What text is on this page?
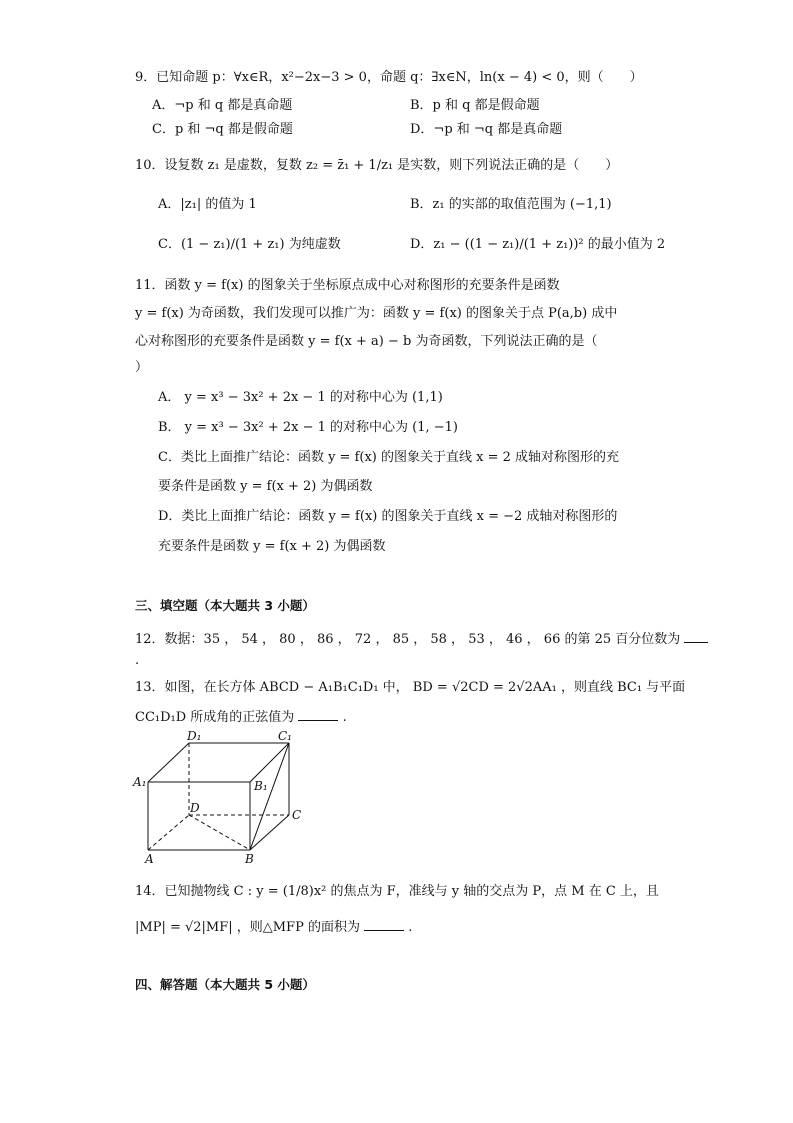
9．已知命题 p：∀x∈R，x²−2x−3 > 0，命题 q：∃x∈N，ln(x − 4) < 0，则（　　）
A．¬p 和 q 都是真命题	B．p 和 q 都是假命题
C．p 和 ¬q 都是假命题	D．¬p 和 ¬q 都是真命题
10．设复数 z₁ 是虚数，复数 z₂ = z̄₁ + 1/z₁ 是实数，则下列说法正确的是（　　）
A．|z₁| 的值为 1	B．z₁ 的实部的取值范围为 (−1,1)
C．(1 − z₁)/(1 + z₁) 为纯虚数	D．z₁ − ((1 − z₁)/(1 + z₁))² 的最小值为 2
11．函数 y = f(x) 的图象关于坐标原点成中心对称图形的充要条件是函数
y = f(x) 为奇函数，我们发现可以推广为：函数 y = f(x) 的图象关于点 P(a,b) 成中
心对称图形的充要条件是函数 y = f(x + a) − b 为奇函数，下列说法正确的是（
）
A． y = x³ − 3x² + 2x − 1 的对称中心为 (1,1)
B． y = x³ − 3x² + 2x − 1 的对称中心为 (1, −1)
C．类比上面推广结论：函数 y = f(x) 的图象关于直线 x = 2 成轴对称图形的充
要条件是函数 y = f(x + 2) 为偶函数
D．类比上面推广结论：函数 y = f(x) 的图象关于直线 x = −2 成轴对称图形的
充要条件是函数 y = f(x + 2) 为偶函数
三、填空题（本大题共 3 小题）
12．数据：35 ， 54 ， 80 ， 86 ， 72 ， 85 ， 58 ， 53 ， 46 ， 66 的第 25 百分位数为
.
13．如图，在长方体 ABCD − A₁B₁C₁D₁ 中， BD = √2CD = 2√2AA₁ ，则直线 BC₁ 与平面
CC₁D₁D 所成角的正弦值为	.
D₁	C₁
A₁	B₁
D	C
A	B
14．已知抛物线 C : y = (1/8)x² 的焦点为 F，准线与 y 轴的交点为 P，点 M 在 C 上，且
|MP| = √2|MF| ，则△MFP 的面积为	.
四、解答题（本大题共 5 小题）
